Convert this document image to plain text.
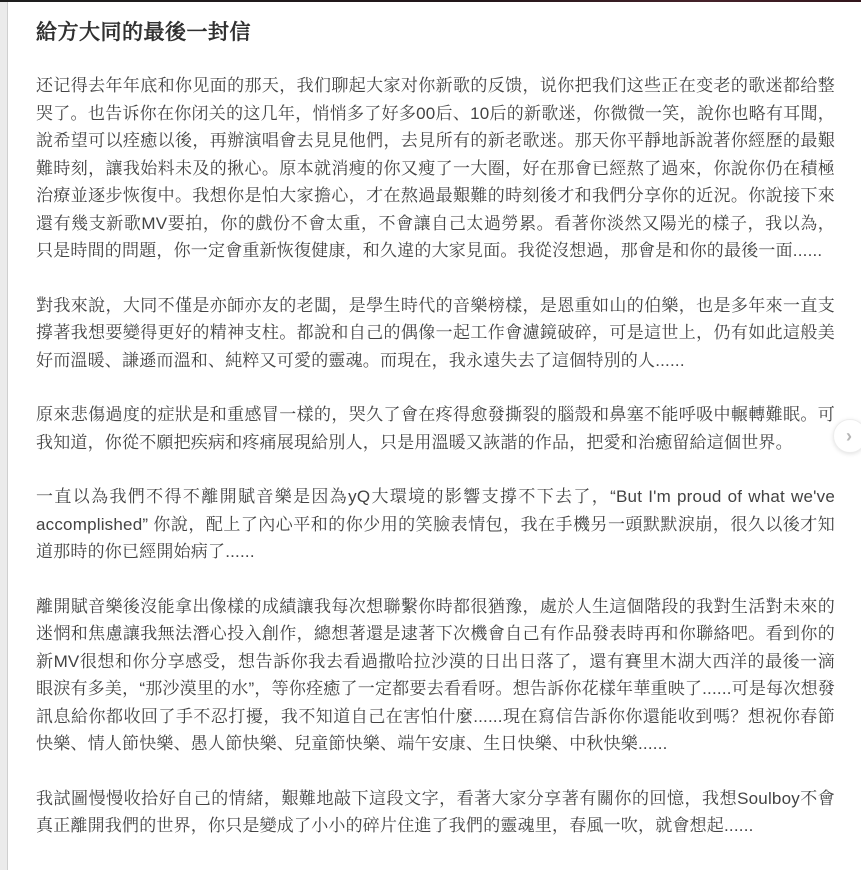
給方大同的最後一封信

还记得去年年底和你见面的那天，我们聊起大家对你新歌的反馈，说你把我们这些正在变老的歌迷都给整哭了。也告诉你在你闭关的这几年，悄悄多了好多00后、10后的新歌迷，你微微一笑，說你也略有耳聞，說希望可以痊癒以後，再辦演唱會去見見他們，去見所有的新老歌迷。那天你平靜地訴說著你經歷的最艱難時刻，讓我始料未及的揪心。原本就消瘦的你又瘦了一大圈，好在那會已經熬了過來，你說你仍在積極治療並逐步恢復中。我想你是怕大家擔心，才在熬過最艱難的時刻後才和我們分享你的近況。你說接下來還有幾支新歌MV要拍，你的戲份不會太重，不會讓自己太過勞累。看著你淡然又陽光的樣子，我以為，只是時間的問題，你一定會重新恢復健康，和久違的大家見面。我從沒想過，那會是和你的最後一面......

對我來說，大同不僅是亦師亦友的老闆，是學生時代的音樂榜樣，是恩重如山的伯樂，也是多年來一直支撐著我想要變得更好的精神支柱。都說和自己的偶像一起工作會濾鏡破碎，可是這世上，仍有如此這般美好而溫暖、謙遜而溫和、純粹又可愛的靈魂。而現在，我永遠失去了這個特別的人......

原來悲傷過度的症狀是和重感冒一樣的，哭久了會在疼得愈發撕裂的腦殼和鼻塞不能呼吸中輾轉難眠。可我知道，你從不願把疾病和疼痛展現給別人，只是用溫暖又詼諧的作品，把愛和治癒留給這個世界。

一直以為我們不得不離開賦音樂是因為yQ大環境的影響支撐不下去了，“But I'm proud of what we've accomplished” 你說，配上了內心平和的你少用的笑臉表情包，我在手機另一頭默默淚崩，很久以後才知道那時的你已經開始病了......

離開賦音樂後沒能拿出像樣的成績讓我每次想聯繫你時都很猶豫，處於人生這個階段的我對生活對未來的迷惘和焦慮讓我無法潛心投入創作，總想著還是逮著下次機會自己有作品發表時再和你聯絡吧。看到你的新MV很想和你分享感受，想告訴你我去看過撒哈拉沙漠的日出日落了，還有賽里木湖大西洋的最後一滴眼淚有多美，“那沙漠里的水”，等你痊癒了一定都要去看看呀。想告訴你花樣年華重映了......可是每次想發訊息給你都收回了手不忍打擾，我不知道自己在害怕什麼......現在寫信告訴你你還能收到嗎？想祝你春節快樂、情人節快樂、愚人節快樂、兒童節快樂、端午安康、生日快樂、中秋快樂......

我試圖慢慢收拾好自己的情緒，艱難地敲下這段文字，看著大家分享著有關你的回憶，我想Soulboy不會真正離開我們的世界，你只是變成了小小的碎片住進了我們的靈魂里，春風一吹，就會想起......

›
